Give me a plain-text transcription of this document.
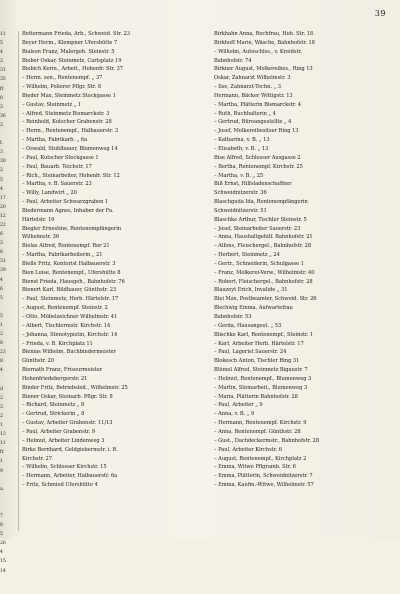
39
11
5
4
2
31
35
ft
8
3
36
2
f.
3
30
2
5
4
17
20
12
22
6
3
8
31
39
4
6
5
5
1
2
8
23
8
4
d
2
3
2
1
13
11
ft
1
9
a.
7
8
5
26
4
15
14
Bettermann Frieda, Arb., Schweid. Str. 23
Beyer Herm., Klempner Ufershütte 7
Bialson Franz, Malergeh. Steinstr. 5
Bieber Oskar, Steinmetz, Carlsplatz 19
Biebich Kerin., Arbeit., Hohenfr. Str. 37
– Herm. sen., Rentenempf. „ 37
– Wilhelm, Polierer Pflgr. Str. 8
Bieder Max, Steinmetz Stockgasse 1
– Gustav, Steinmetz „ 1
– Alfred, Steinmetz Bismarckstr. 3
– Reinhold, Kutscher Grabenstr. 28
– Herm., Rentenempf., Halbauerstr. 3
– Martha, Fabrikarb. „ 6a
– Oswald, Stuhlbauer, Blumenweg 14
– Paul, Kutscher Stockgasse 1
– Paul, Bauarb. Teichstr. 17
– Rich., Steinarbeiter, Hohenfr. Str. 12
– Martha, v. B. Sauerstr. 23
– Willy, Landwirt „ 20
– Paul, Arbeiter Schwarzgraben 1
Biedermann Agnes, Inhaber der Fa.
Härtelstr. 16
Biegler Ernestine, Rentenempfängerin
Wilhelmstr. 36
Bielas Alfred, Rentenempf. Ror 21
– Martha, Fabrikarbeiterin „ 21
Bielle Fritz, Kontorist Halbauerstr. 3
Bien Luise, Rentenempf., Ufershütte 8
Bienst Frieda, Hausgeh., Bahnhofstr. 76
Bienert Karl, Bildhauer, Günthstr. 23
– Paul, Steinmetz, Herb. Härtelstr. 17
– August, Rentenempf. Steinstr. 2
– Otto, Möbelzeichner Wilhelmstr. 41
– Albert, Tischlermstr. Kirchstr. 14
– Johanna, Stenotypistin, Kirchstr. 14
– Frieda, v. B. Kirchplatz 11
Bienias Wilhelm, Buchbindermeister
Günthstr. 20
Biernath Franz, Friseurmeister
Hohenfriedebergerstr. 21
Binder Fritz, Betriebsleit., Wilhelmstr. 25
Binner Oskar, Steinarb. Pflgr. Str. 8
– Richard, Steinmetz „ 8
– Gertrud, Strickerin „ 8
– Gustav, Arbeiter Grabenstr. 11/13
– Paul, Arbeiter Grabenstr. 9
– Helmut, Arbeiter Lindenweg 3
Birke Bernhard, Geldgiebermstr. i. R.
Kirchstr. 27
– Wilhelm, Schlosser Kirchstr. 15
– Hermann, Arbeiter, Halbauerstr. 6a
– Fritz, Schmied Ufershütte 4
Birkhahn Anna, Rochfrau, Hoh. Str. 18
Birkhoff Marie, Wäsche, Bahnhofstr. 18
– Wilhelm, Autoschlss., v. Kreidstr.
Bahnhofstr. 74
Birkner August, Molkereibes., Ring 13
Oskar, Zahnarzt Wilhelmstr. 3
– Ilse, Zahnarzt-Techn. „ 3
Hermann, Bäcker Wittigstr. 13
– Martha, Plätterin Bismarckstr. 4
– Ruth, Buchhalterin „ 4
– Gertrud, Büroangestellte „ 4
– Josef, Molkereibesitzer Ring 13
– Katharina, v. B. „ 13
– Elisabeth, v. B. „ 13
Bise Alfred, Schlosser Ausgasse 2
– Bertha, Rentenempf. Kirchstr. 25
– Martha, v. B. „ 25
Biß Ernst, Hilfsladenschaffner
Schweidnitzerstr. 36
Blaschguda Ida, Rentenempfängerin
Schweidnitzerstr. 51
Blaschke Arthur, Tischler Steinstr. 5
– Josef, Steinarbeiter Sauerstr. 23
– Anna, Haushaltgehilf. Bahnhofstr. 21
– Alfons, Fleischergel., Bahnhofstr. 28
– Herbert, Steinmetz „ 24
– Gertr., Schneiderin, Schulgasse 1
– Franz, Molkerei-Verw., Wilhelmstr. 40
– Robert, Fleischergel., Bahnhofstr. 28
Blauzeyt Erich, Invalide „ 31
Blei Max, Postbeamter, Schweid. Str. 26
Blechwig Emma, Aufwartefrau
Bahnhofstr. 53
– Gerda, Hausangest. „ 53
Blischke Karl, Rentenempf., Steinstr. 1
– Karl, Arbeiter Herb. Härtelstr. 17
– Paul, Lagerist Sauerstr. 24
Blokesch Anton, Tischler Ring 31
Blümel Alfred, Steinmetz Bigaustr. 7
– Helmut, Rentenempf., Blumenweg 3
– Martin, Steinarbeit., Blumenweg 3
– Maria, Plätterin Bahnhofstr. 28
– Paul, Arbeiter „ 9
– Anna, v. B. „ 9
– Hermann, Rentenempf. Kirchstr. 9
– Anna, Rentenempf. Günthstr. 28
– Gust., Dachdeckermstr., Bahnhofstr. 28
– Paul, Arbeiter Kirchstr. 6
– August, Rentenempf., Kirchplatz 2
– Emma, Witwe Pflgramb. Str. 6
– Emma, Plätterin, Schweidnitzerstr. 7
– Emma, Kaufm.-Witwe, Wilhelmstr. 57
